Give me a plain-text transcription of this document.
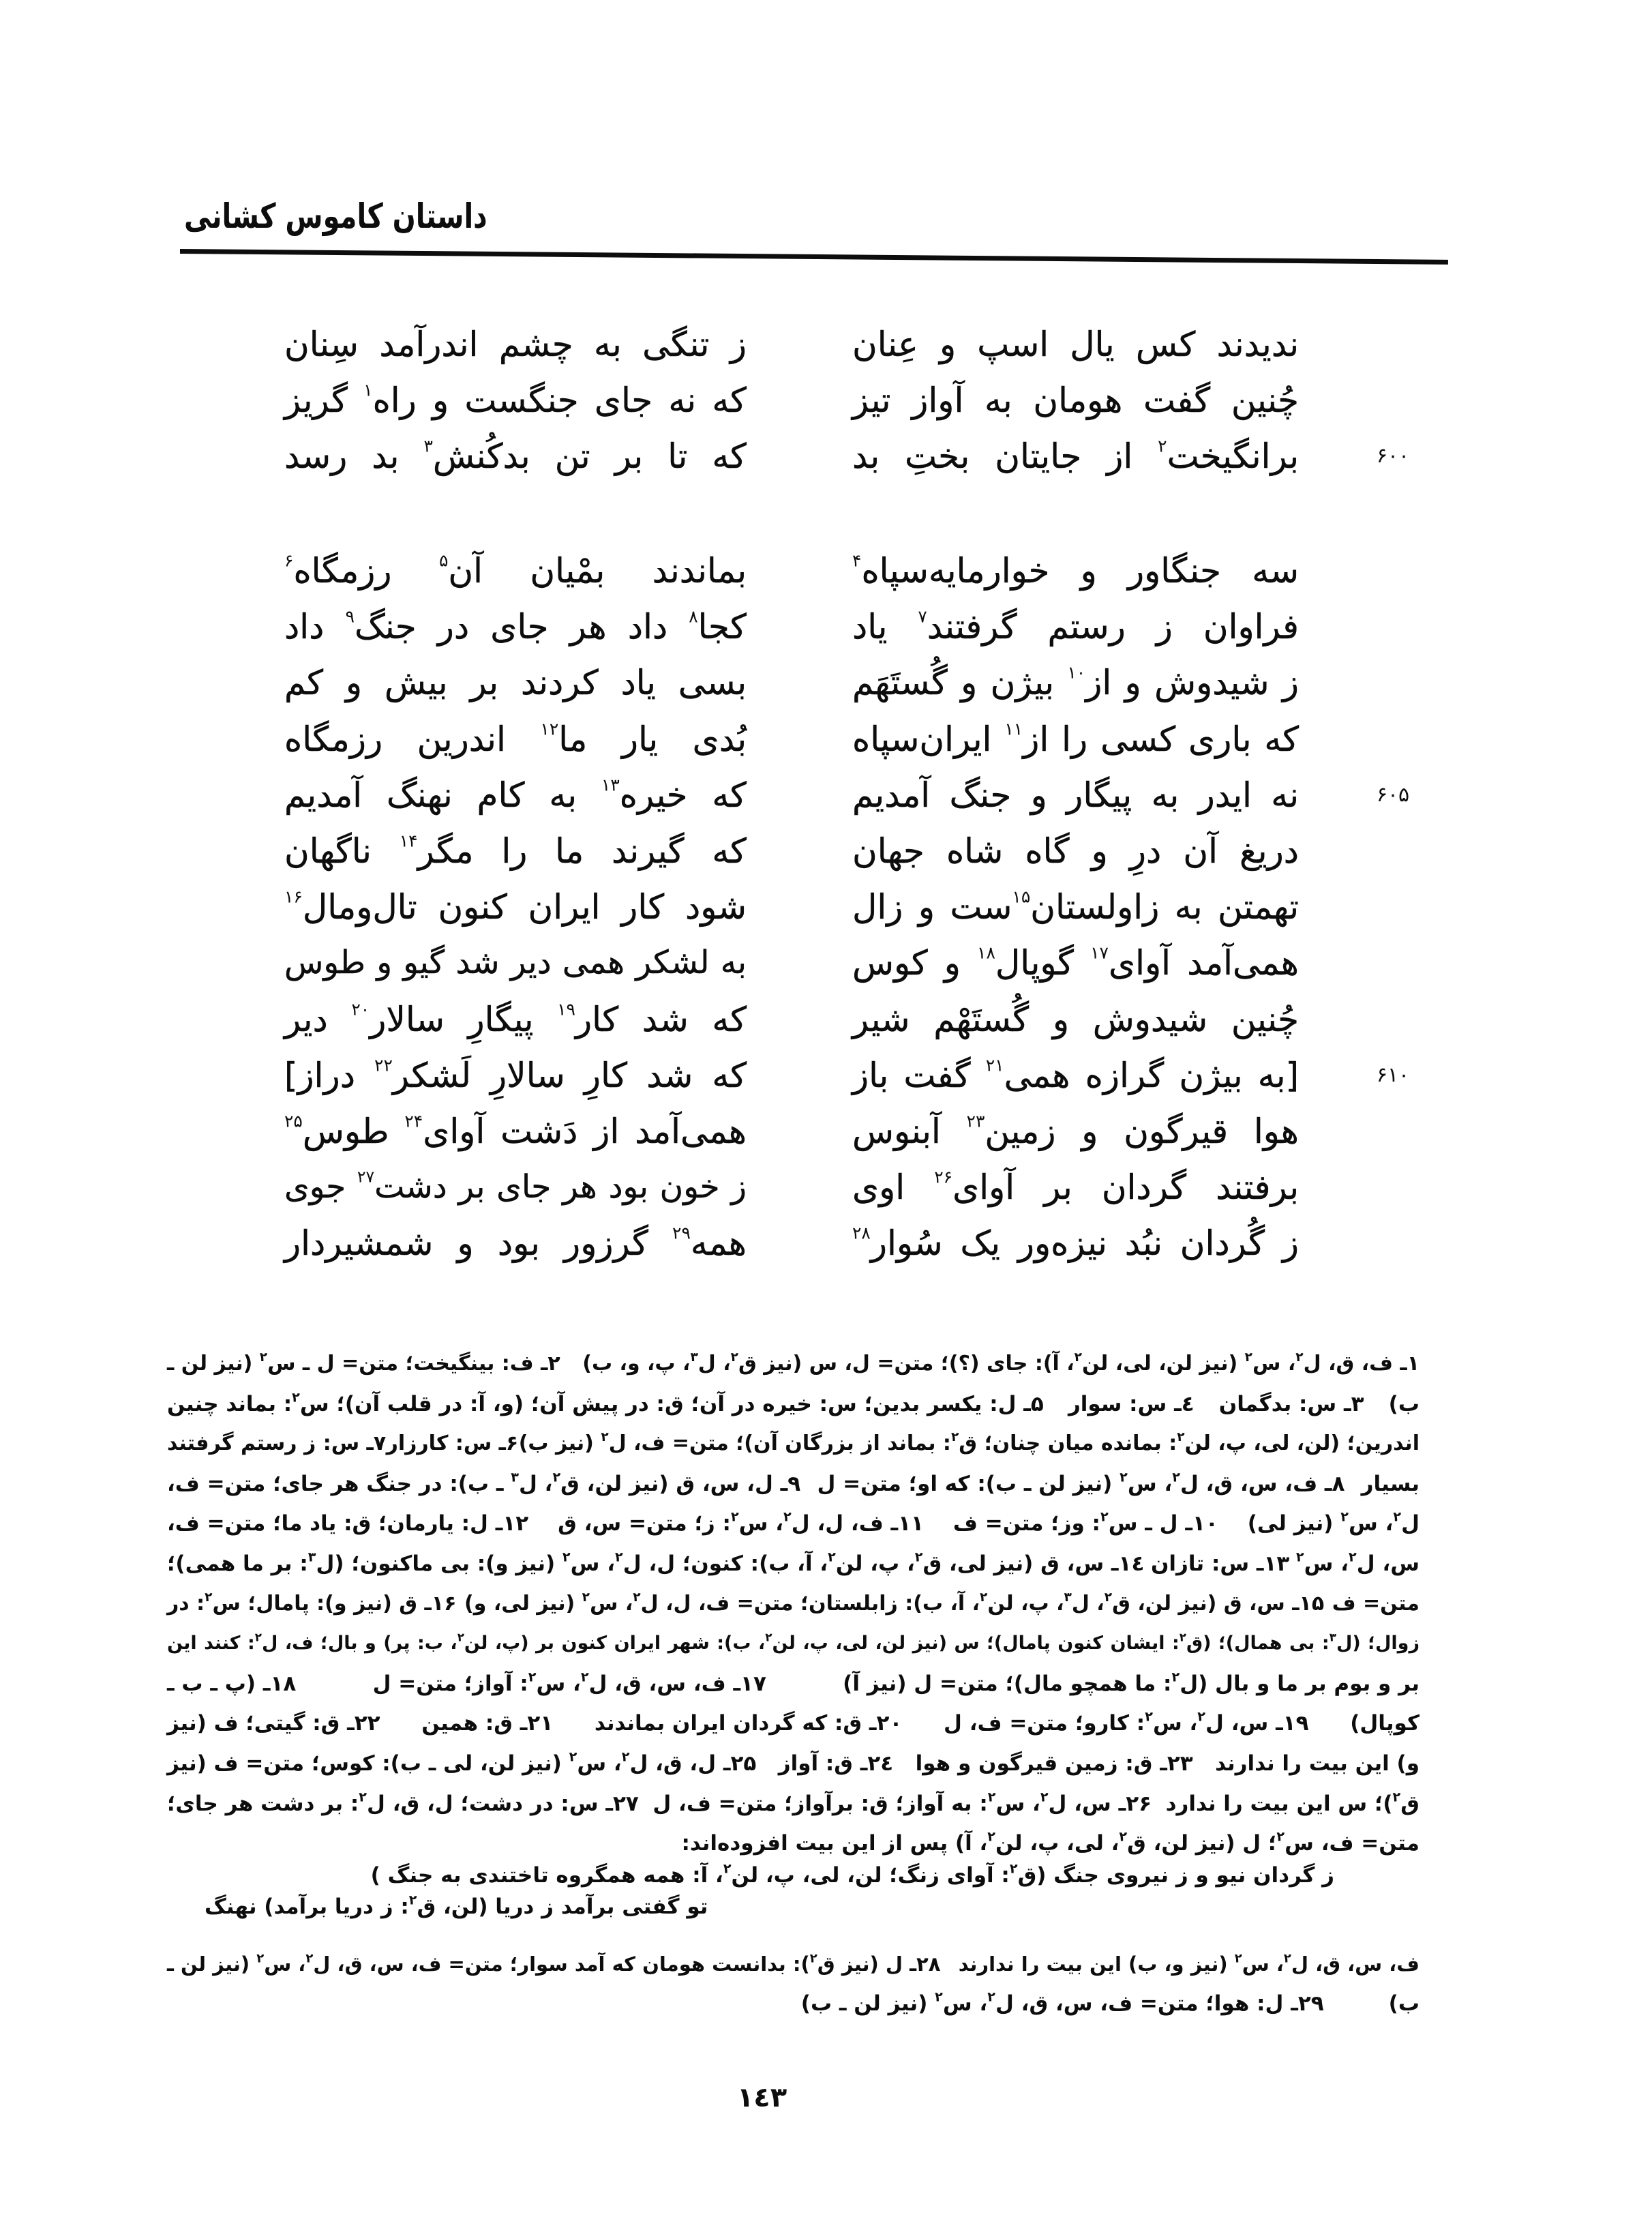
داستان کاموس کشانی
ندیدند کس یال اسپ و عِنان
ز تنگی به چشم اندرآمد سِنان
چُنین گفت هومان به آواز تیز
که نه جای جنگست و راه$^۱$ گریز
۶۰۰
برانگیخت$^۲$ از جایتان بختِ بد
که تا بر تن بدکُنش$^۳$ بد رسد
سه جنگاور و خوارمایه‌سپاه$^۴$
بماندند بمْیان آن$^۵$ رزمگاه$^۶$
فراوان ز رستم گرفتند$^۷$ یاد
کجا$^۸$ داد هر جای در جنگ$^۹$ داد
ز شیدوش و از$^{۱۰}$ بیژن و گُستَهَم
بسی یاد کردند بر بیش و کم
که باری کسی را از$^{۱۱}$ ایران‌سپاه
بُدی یار ما$^{۱۲}$ اندرین رزمگاه
۶۰۵
نه ایدر به پیگار و جنگ آمدیم
که خیره$^{۱۳}$ به کام نهنگ آمدیم
دریغ آن درِ و گاه شاه جهان
که گیرند ما را مگر$^{۱۴}$ ناگهان
تهمتن به زاولستان$^{۱۵}$ست و زال
شود کار ایران کنون تال‌ومال$^{۱۶}$
همی‌آمد آوای$^{۱۷}$ گوپال$^{۱۸}$ و کوس
به لشکر همی دیر شد گیو و طوس
چُنین شیدوش و گُستَهْم شیر
که شد کار$^{۱۹}$ پیگارِ سالار$^{۲۰}$ دیر
۶۱۰
[به بیژن گرازه همی$^{۲۱}$ گفت باز
که شد کارِ سالارِ لَشکر$^{۲۲}$ دراز]
هوا قیرگون و زمین$^{۲۳}$ آبنوس
همی‌آمد از دَشت آوای$^{۲۴}$ طوس$^{۲۵}$
برفتند گردان بر آوای$^{۲۶}$ اوی
ز خون بود هر جای بر دشت$^{۲۷}$ جوی
ز گُردان نبُد نیزه‌ور یک سُوار$^{۲۸}$
همه$^{۲۹}$ گرزور بود و شمشیردار
۱ـ ف، ق، ل$^۲$، س$^۲$ (نیز لن، لی، لن$^۲$، آ): جای (؟)؛ متن= ل، س (نیز ق$^۲$، ل$^۳$، پ، و، ب)
۲ـ ف: بینگیخت؛ متن= ل ـ س$^۲$ (نیز لن ـ
ب)
۳ـ س: بدگمان
٤ـ س: سوار
۵ـ ل: یکسر بدین؛ س: خیره در آن؛ ق: در پیش آن؛ (و، آ: در قلب آن)؛ س$^۲$: بماند چنین
اندرین؛ (لن، لی، پ، لن$^۲$: بمانده میان چنان؛ ق$^۲$: بماند از بزرگان آن)؛ متن= ف، ل$^۲$ (نیز ب)
۶ـ س: کارزار
۷ـ س: ز رستم گرفتند
بسیار
۸ـ ف، س، ق، ل$^۲$، س$^۲$ (نیز لن ـ ب): که او؛ متن= ل
۹ـ ل، س، ق (نیز لن، ق$^۲$، ل$^۳$ ـ ب): در جنگ هر جای؛ متن= ف،
ل$^۲$، س$^۲$ (نیز لی)
۱۰ـ ل ـ س$^۲$: وز؛ متن= ف
۱۱ـ ف، ل، ل$^۲$، س$^۲$: ز؛ متن= س، ق
۱۲ـ ل: یارمان؛ ق: یاد ما؛ متن= ف،
س، ل$^۲$، س$^۲$
۱۳ـ س: تازان
١٤ـ س، ق (نیز لی، ق$^۲$، پ، لن$^۲$، آ، ب): کنون؛ ل، ل$^۲$، س$^۲$ (نیز و): بی ماکنون؛ (ل$^۳$: بر ما همی)؛
متن= ف
۱۵ـ س، ق (نیز لن، ق$^۲$، ل$^۳$، پ، لن$^۲$، آ، ب): زابلستان؛ متن= ف، ل، ل$^۲$، س$^۲$ (نیز لی، و)
۱۶ـ ق (نیز و): پامال؛ س$^۲$: در
زوال؛ (ل$^۳$: بی همال)؛ (ق$^۲$: ایشان کنون پامال)؛ س (نیز لن، لی، پ، لن$^۲$، ب): شهر ایران کنون بر (پ، لن$^۲$، ب: پر) و بال؛ ف، ل$^۲$: کنند این
بر و بوم بر ما و بال (ل$^۲$: ما همچو مال)؛ متن= ل (نیز آ)
۱۷ـ ف، س، ق، ل$^۲$، س$^۲$: آواز؛ متن= ل
۱۸ـ (پ ـ ب ـ
کوپال)
۱۹ـ س، ل$^۲$، س$^۲$: کارو؛ متن= ف، ل
۲۰ـ ق: که گردان ایران بماندند
۲۱ـ ق: همین
۲۲ـ ق: گیتی؛ ف (نیز
و) این بیت را ندارند
۲۳ـ ق: زمین قیرگون و هوا
٢٤ـ ق: آواز
۲۵ـ ل، ق، ل$^۲$، س$^۲$ (نیز لن، لی ـ ب): کوس؛ متن= ف (نیز
ق$^۲$)؛ س این بیت را ندارد
۲۶ـ س، ل$^۲$، س$^۲$: به آواز؛ ق: برآواز؛ متن= ف، ل
۲۷ـ س: در دشت؛ ل، ق، ل$^۲$: بر دشت هر جای؛
متن= ف، س$^۲$؛ ل (نیز لن، ق$^۲$، لی، پ، لن$^۲$، آ) پس از این بیت افزوده‌اند:
ز گردان نیو و ز نیروی جنگ (ق$^۲$: آوای زنگ؛ لن، لی، پ، لن$^۲$، آ: همه همگروه تاختندی به جنگ )
تو گفتی برآمد ز دریا (لن، ق$^۲$: ز دریا برآمد) نهنگ
ف، س، ق، ل$^۲$، س$^۲$ (نیز و، ب) این بیت را ندارند
۲۸ـ ل (نیز ق$^۲$): بدانست هومان که آمد سوار؛ متن= ف، س، ق، ل$^۲$، س$^۲$ (نیز لن ـ
ب)
۲۹ـ ل: هوا؛ متن= ف، س، ق، ل$^۲$، س$^۲$ (نیز لن ـ ب)
١٤٣
